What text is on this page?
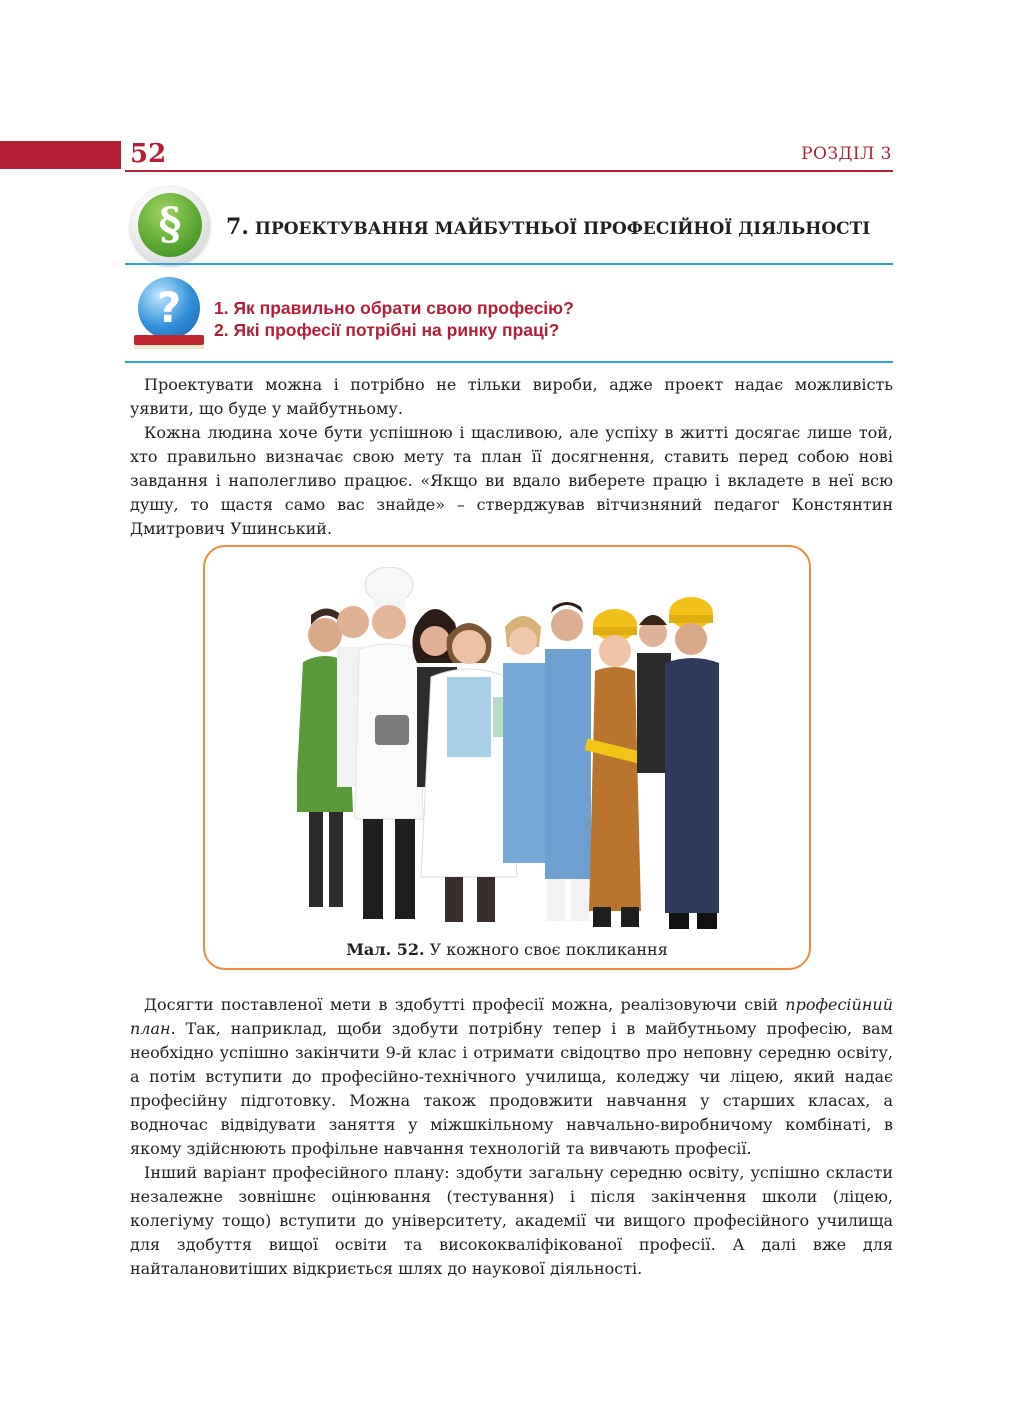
52	РОЗДІЛ 3
§	7. ПРОЕКТУВАННЯ МАЙБУТНЬОЇ ПРОФЕСІЙНОЇ ДІЯЛЬНОСТІ
?	1. Як правильно обрати свою професію?
2. Які професії потрібні на ринку праці?

Проектувати можна і потрібно не тільки вироби, адже проект надає можливість уявити, що буде у майбутньому.

Кожна людина хоче бути успішною і щасливою, але успіху в житті досягає лише той, хто правильно визначає свою мету та план її досягнення, ставить перед собою нові завдання і наполегливо працює. «Якщо ви вдало виберете працю і вкладете в неї всю душу, то щастя само вас знайде» – стверджував вітчизняний педагог Констянтин Дмитрович Ушинський.

Мал. 52. У кожного своє покликання

Досягти поставленої мети в здобутті професії можна, реалізовуючи свій професійний план. Так, наприклад, щоби здобути потрібну тепер і в майбутньому професію, вам необхідно успішно закінчити 9-й клас і отримати свідоцтво про неповну середню освіту, а потім вступити до професійно-технічного училища, коледжу чи ліцею, який надає професійну підготовку. Можна також продовжити навчання у старших класах, а водночас відвідувати заняття у міжшкільному навчально-виробничому комбінаті, в якому здійснюють профільне навчання технологій та вивчають професії.

Інший варіант професійного плану: здобути загальну середню освіту, успішно скласти незалежне зовнішнє оцінювання (тестування) і після закінчення школи (ліцею, колегіуму тощо) вступити до університету, академії чи вищого професійного училища для здобуття вищої освіти та висококваліфікованої професії. А далі вже для найталановитіших відкриється шлях до наукової діяльності.
